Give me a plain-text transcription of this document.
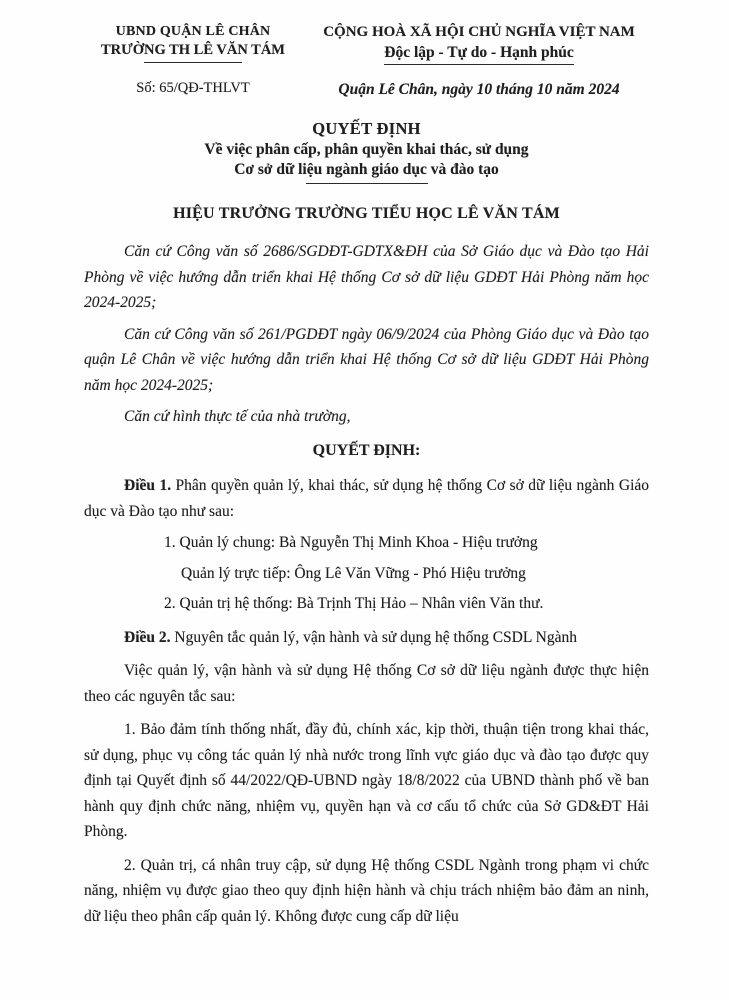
UBND QUẬN LÊ CHÂN
TRƯỜNG TH LÊ VĂN TÁM
Số: 65/QĐ-THLVT
CỘNG HOÀ XÃ HỘI CHỦ NGHĨA VIỆT NAM
Độc lập - Tự do - Hạnh phúc
Quận Lê Chân, ngày 10 tháng 10 năm 2024
QUYẾT ĐỊNH
Về việc phân cấp, phân quyền khai thác, sử dụng
Cơ sở dữ liệu ngành giáo dục và đào tạo
HIỆU TRƯỞNG TRƯỜNG TIỂU HỌC LÊ VĂN TÁM

Căn cứ Công văn số 2686/SGDĐT-GDTX&ĐH của Sở Giáo dục và Đào tạo Hải Phòng về việc hướng dẫn triển khai Hệ thống Cơ sở dữ liệu GDĐT Hải Phòng năm học 2024-2025;

Căn cứ Công văn số 261/PGDĐT ngày 06/9/2024 của Phòng Giáo dục và Đào tạo quận Lê Chân về việc hướng dẫn triển khai Hệ thống Cơ sở dữ liệu GDĐT Hải Phòng năm học 2024-2025;

Căn cứ hình thực tế của nhà trường,

QUYẾT ĐỊNH:

Điều 1. Phân quyền quản lý, khai thác, sử dụng hệ thống Cơ sở dữ liệu ngành Giáo dục và Đào tạo như sau:

1. Quản lý chung: Bà Nguyễn Thị Minh Khoa - Hiệu trưởng

Quản lý trực tiếp: Ông Lê Văn Vững - Phó Hiệu trưởng

2. Quản trị hệ thống: Bà Trịnh Thị Hảo – Nhân viên Văn thư.

Điều 2. Nguyên tắc quản lý, vận hành và sử dụng hệ thống CSDL Ngành

Việc quản lý, vận hành và sử dụng Hệ thống Cơ sở dữ liệu ngành được thực hiện theo các nguyên tắc sau:

1. Bảo đảm tính thống nhất, đầy đủ, chính xác, kịp thời, thuận tiện trong khai thác, sử dụng, phục vụ công tác quản lý nhà nước trong lĩnh vực giáo dục và đào tạo được quy định tại Quyết định số 44/2022/QĐ-UBND ngày 18/8/2022 của UBND thành phố về ban hành quy định chức năng, nhiệm vụ, quyền hạn và cơ cấu tổ chức của Sở GD&ĐT Hải Phòng.

2. Quản trị, cá nhân truy cập, sử dụng Hệ thống CSDL Ngành trong phạm vi chức năng, nhiệm vụ được giao theo quy định hiện hành và chịu trách nhiệm bảo đảm an ninh, dữ liệu theo phân cấp quản lý. Không được cung cấp dữ liệu
